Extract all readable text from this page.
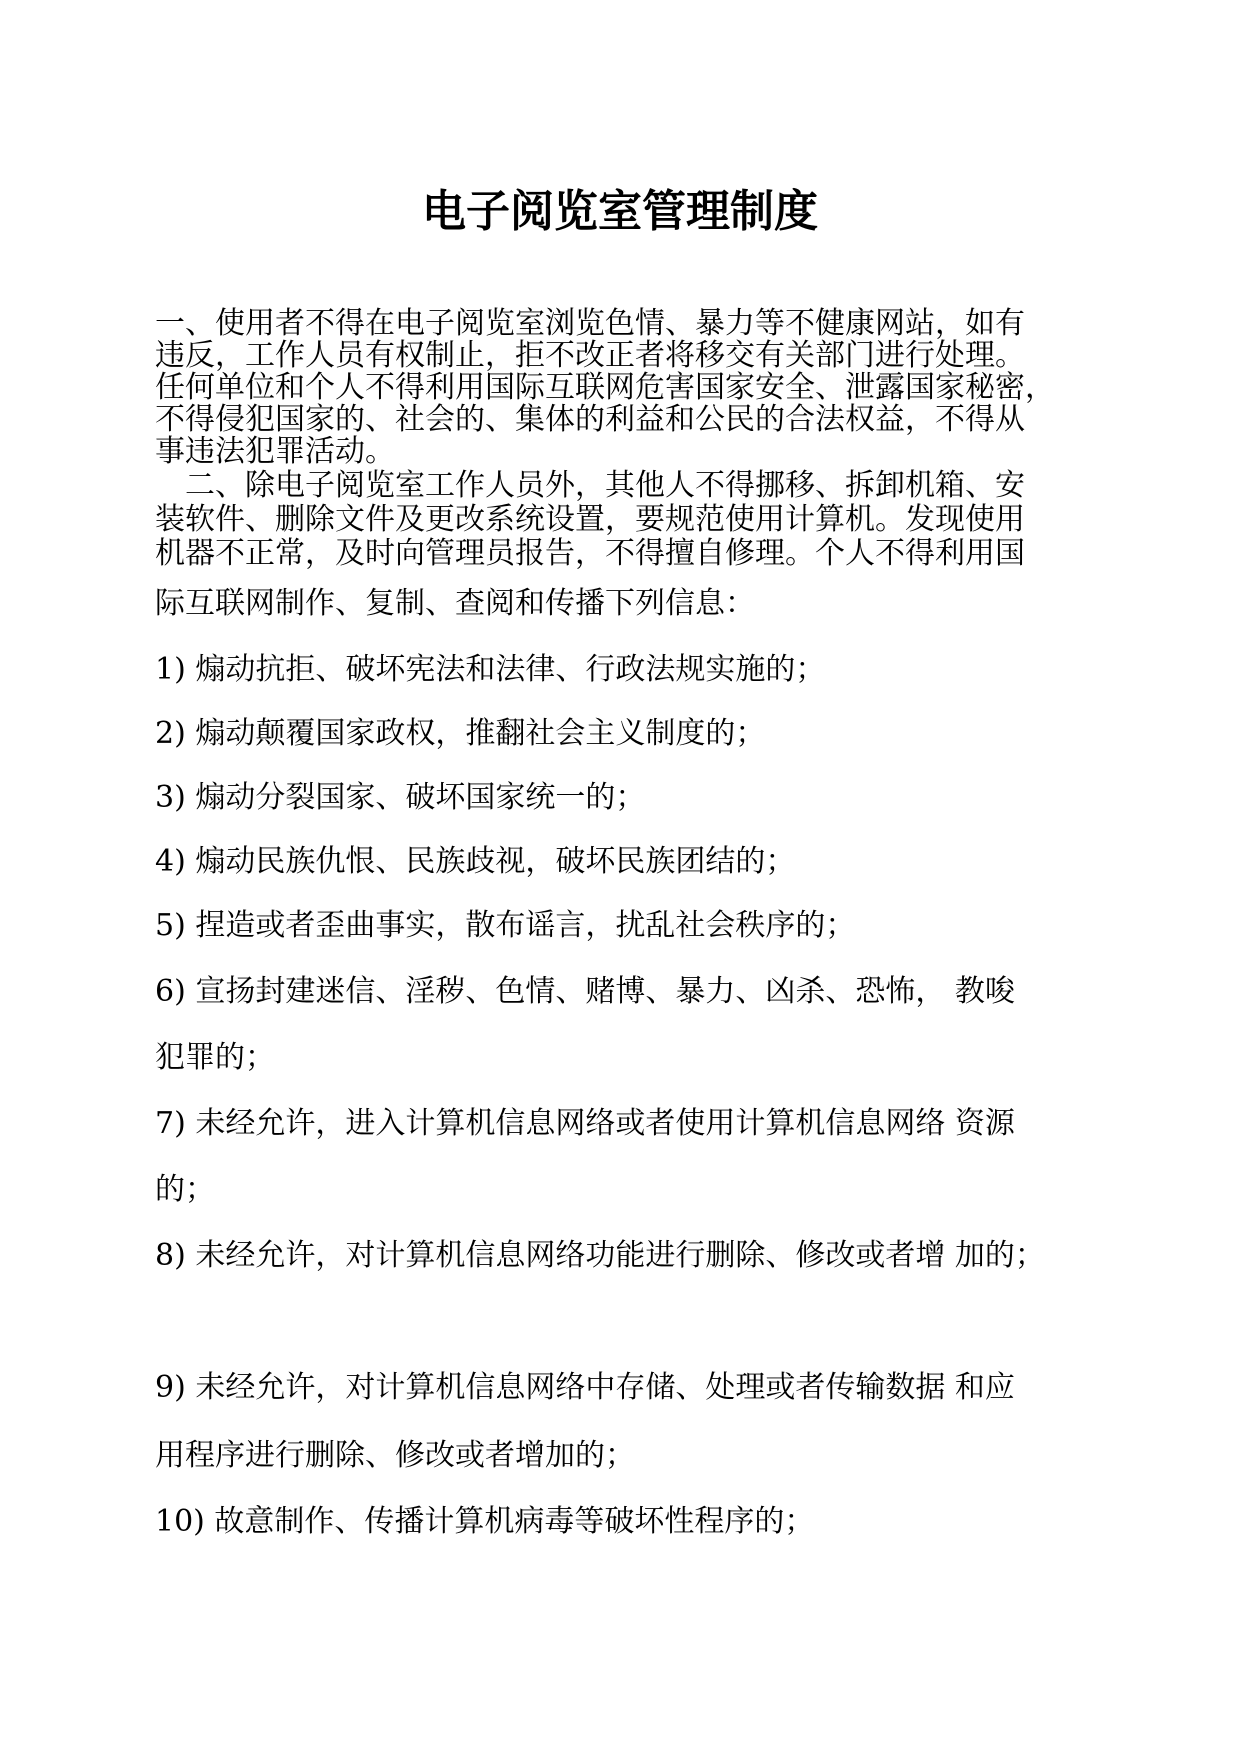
电子阅览室管理制度
一、使用者不得在电子阅览室浏览色情、暴力等不健康网站，如有
违反，工作人员有权制止，拒不改正者将移交有关部门进行处理。
任何单位和个人不得利用国际互联网危害国家安全、泄露国家秘密，
不得侵犯国家的、社会的、集体的利益和公民的合法权益，不得从
事违法犯罪活动。
　二、除电子阅览室工作人员外，其他人不得挪移、拆卸机箱、安
装软件、删除文件及更改系统设置，要规范使用计算机。发现使用
机器不正常，及时向管理员报告，不得擅自修理。个人不得利用国
际互联网制作、复制、查阅和传播下列信息：
1) 煽动抗拒、破坏宪法和法律、行政法规实施的；
2) 煽动颠覆国家政权，推翻社会主义制度的；
3) 煽动分裂国家、破坏国家统一的；
4) 煽动民族仇恨、民族歧视，破坏民族团结的；
5) 捏造或者歪曲事实，散布谣言，扰乱社会秩序的；
6) 宣扬封建迷信、淫秽、色情、赌博、暴力、凶杀、恐怖， 教唆
犯罪的；
7) 未经允许，进入计算机信息网络或者使用计算机信息网络 资源
的；
8) 未经允许，对计算机信息网络功能进行删除、修改或者增 加的；
9) 未经允许，对计算机信息网络中存储、处理或者传输数据 和应
用程序进行删除、修改或者增加的；
10) 故意制作、传播计算机病毒等破坏性程序的；
